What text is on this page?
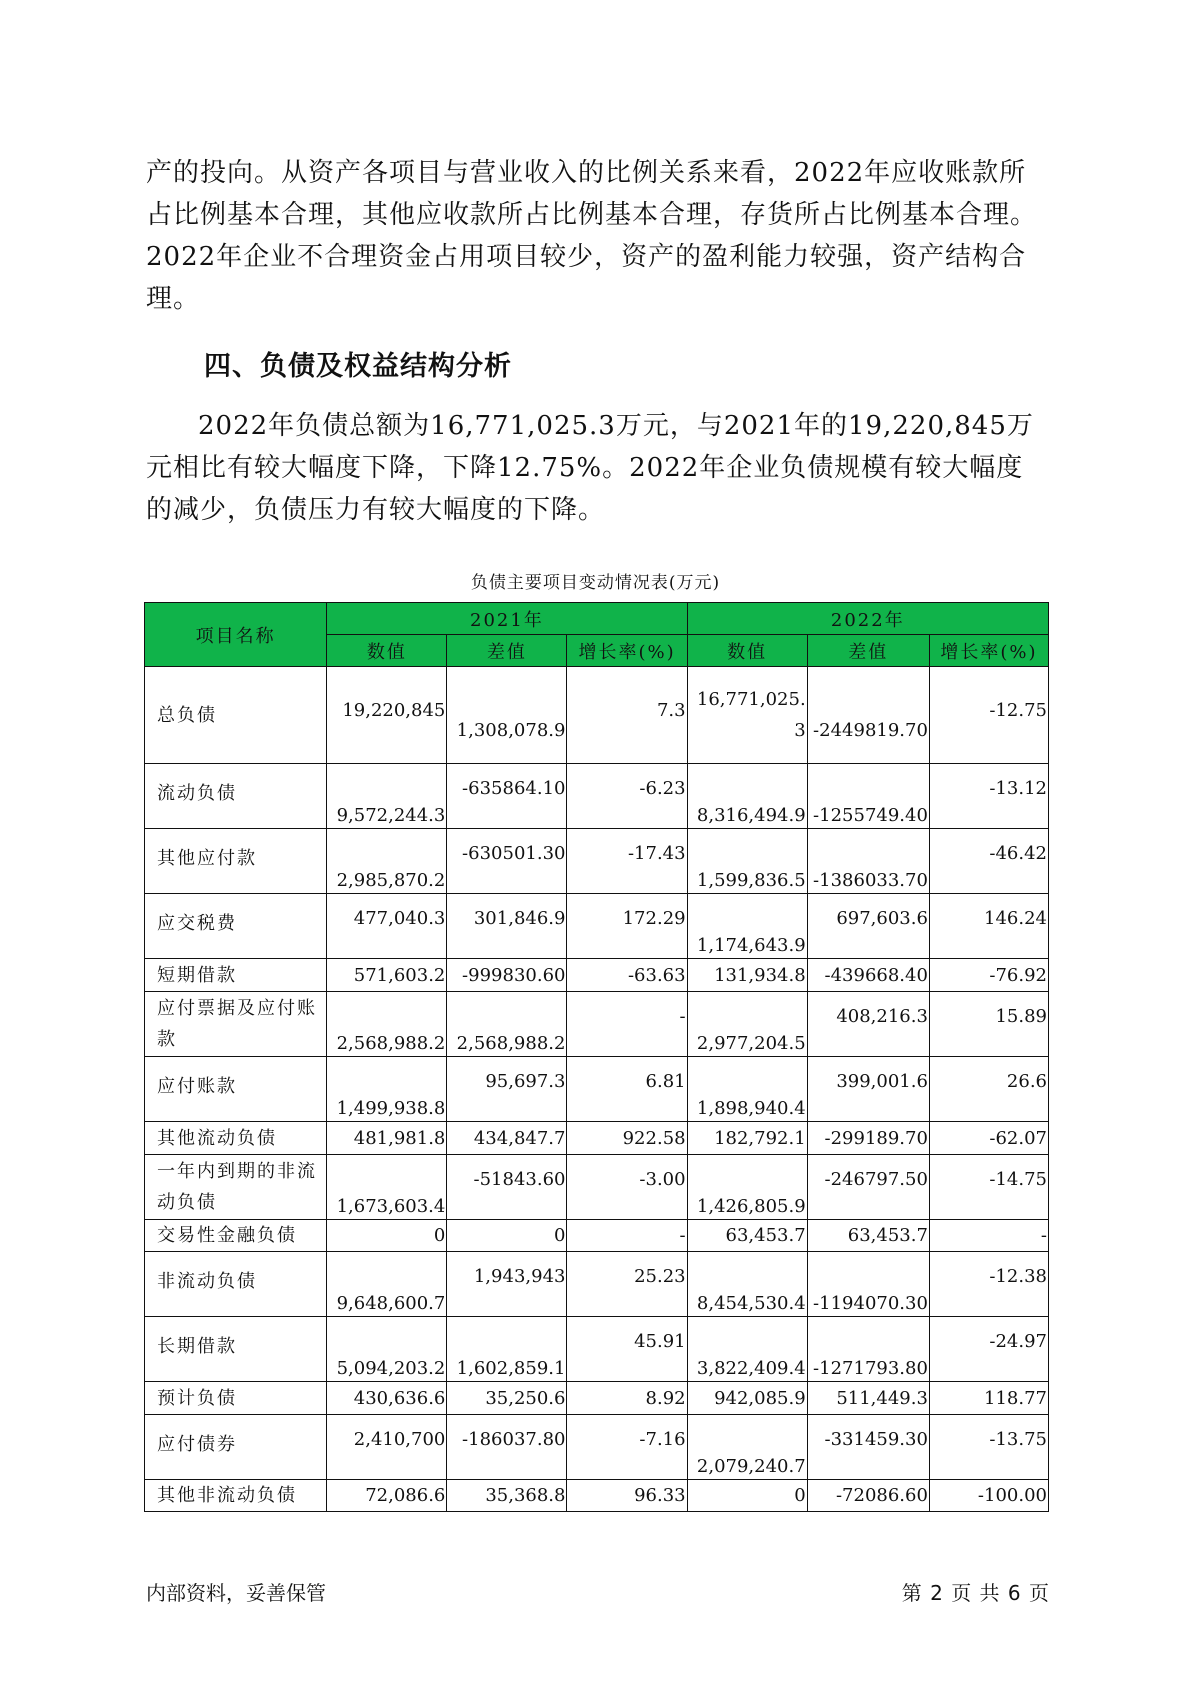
产的投向。从资产各项目与营业收入的比例关系来看，2022年应收账款所占比例基本合理，其他应收款所占比例基本合理，存货所占比例基本合理。2022年企业不合理资金占用项目较少，资产的盈利能力较强，资产结构合理。
四、负债及权益结构分析
2022年负债总额为16,771,025.3万元，与2021年的19,220,845万元相比有较大幅度下降，下降12.75%。2022年企业负债规模有较大幅度的减少，负债压力有较大幅度的下降。
负债主要项目变动情况表(万元)
项目名称	2021年			2022年		
	数值	差值	增长率(%)	数值	差值	增长率(%)
总负债	19,220,845	1,308,078.9	7.3	16,771,025.3	-2449819.70	-12.75
流动负债	9,572,244.3	-635864.10	-6.23	8,316,494.9	-1255749.40	-13.12
其他应付款	2,985,870.2	-630501.30	-17.43	1,599,836.5	-1386033.70	-46.42
应交税费	477,040.3	301,846.9	172.29	1,174,643.9	697,603.6	146.24
短期借款	571,603.2	-999830.60	-63.63	131,934.8	-439668.40	-76.92
应付票据及应付账款	2,568,988.2	2,568,988.2	-	2,977,204.5	408,216.3	15.89
应付账款	1,499,938.8	95,697.3	6.81	1,898,940.4	399,001.6	26.6
其他流动负债	481,981.8	434,847.7	922.58	182,792.1	-299189.70	-62.07
一年内到期的非流动负债	1,673,603.4	-51843.60	-3.00	1,426,805.9	-246797.50	-14.75
交易性金融负债	0	0	-	63,453.7	63,453.7	-
非流动负债	9,648,600.7	1,943,943	25.23	8,454,530.4	-1194070.30	-12.38
长期借款	5,094,203.2	1,602,859.1	45.91	3,822,409.4	-1271793.80	-24.97
预计负债	430,636.6	35,250.6	8.92	942,085.9	511,449.3	118.77
应付债券	2,410,700	-186037.80	-7.16	2,079,240.7	-331459.30	-13.75
其他非流动负债	72,086.6	35,368.8	96.33	0	-72086.60	-100.00
内部资料，妥善保管	第 2 页 共 6 页
